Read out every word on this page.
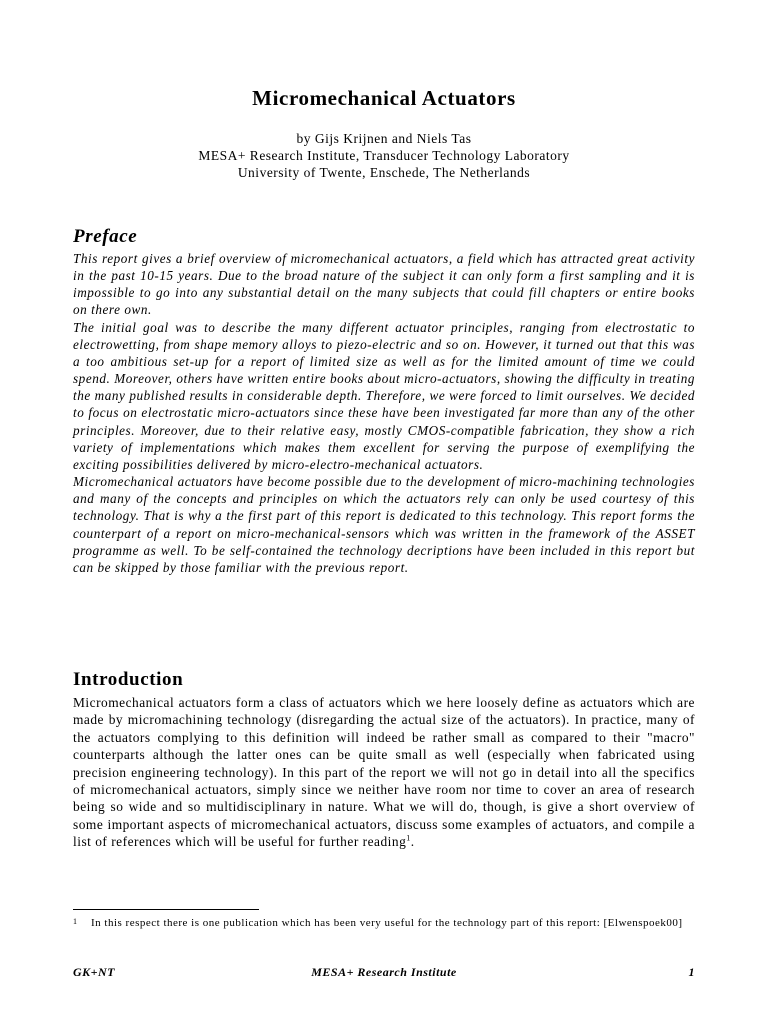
Micromechanical Actuators
by Gijs Krijnen and Niels Tas
MESA+ Research Institute, Transducer Technology Laboratory
University of Twente, Enschede, The Netherlands
Preface

This report gives a brief overview of micromechanical actuators, a field which has attracted great activity in the past 10-15 years. Due to the broad nature of the subject it can only form a first sampling and it is impossible to go into any substantial detail on the many subjects that could fill chapters or entire books on there own.

The initial goal was to describe the many different actuator principles, ranging from electrostatic to electrowetting, from shape memory alloys to piezo-electric and so on. However, it turned out that this was a too ambitious set-up for a report of limited size as well as for the limited amount of time we could spend. Moreover, others have written entire books about micro-actuators, showing the difficulty in treating the many published results in considerable depth. Therefore, we were forced to limit ourselves. We decided to focus on electrostatic micro-actuators since these have been investigated far more than any of the other principles. Moreover, due to their relative easy, mostly CMOS-compatible fabrication, they show a rich variety of implementations which makes them excellent for serving the purpose of exemplifying the exciting possibilities delivered by micro-electro-mechanical actuators.

Micromechanical actuators have become possible due to the development of micro-machining technologies and many of the concepts and principles on which the actuators rely can only be used courtesy of this technology. That is why a the first part of this report is dedicated to this technology. This report forms the counterpart of a report on micro-mechanical-sensors which was written in the framework of the ASSET programme as well. To be self-contained the technology decriptions have been included in this report but can be skipped by those familiar with the previous report.

Introduction

Micromechanical actuators form a class of actuators which we here loosely define as actuators which are made by micromachining technology (disregarding the actual size of the actuators). In practice, many of the actuators complying to this definition will indeed be rather small as compared to their "macro" counterparts although the latter ones can be quite small as well (especially when fabricated using precision engineering technology). In this part of the report we will not go in detail into all the specifics of micromechanical actuators, simply since we neither have room nor time to cover an area of research being so wide and so multidisciplinary in nature. What we will do, though, is give a short overview of some important aspects of micromechanical actuators, discuss some examples of actuators, and compile a list of references which will be useful for further reading$^1$.

1 In this respect there is one publication which has been very useful for the technology part of this report: [Elwenspoek00]
GK+NT	MESA+ Research Institute	1
